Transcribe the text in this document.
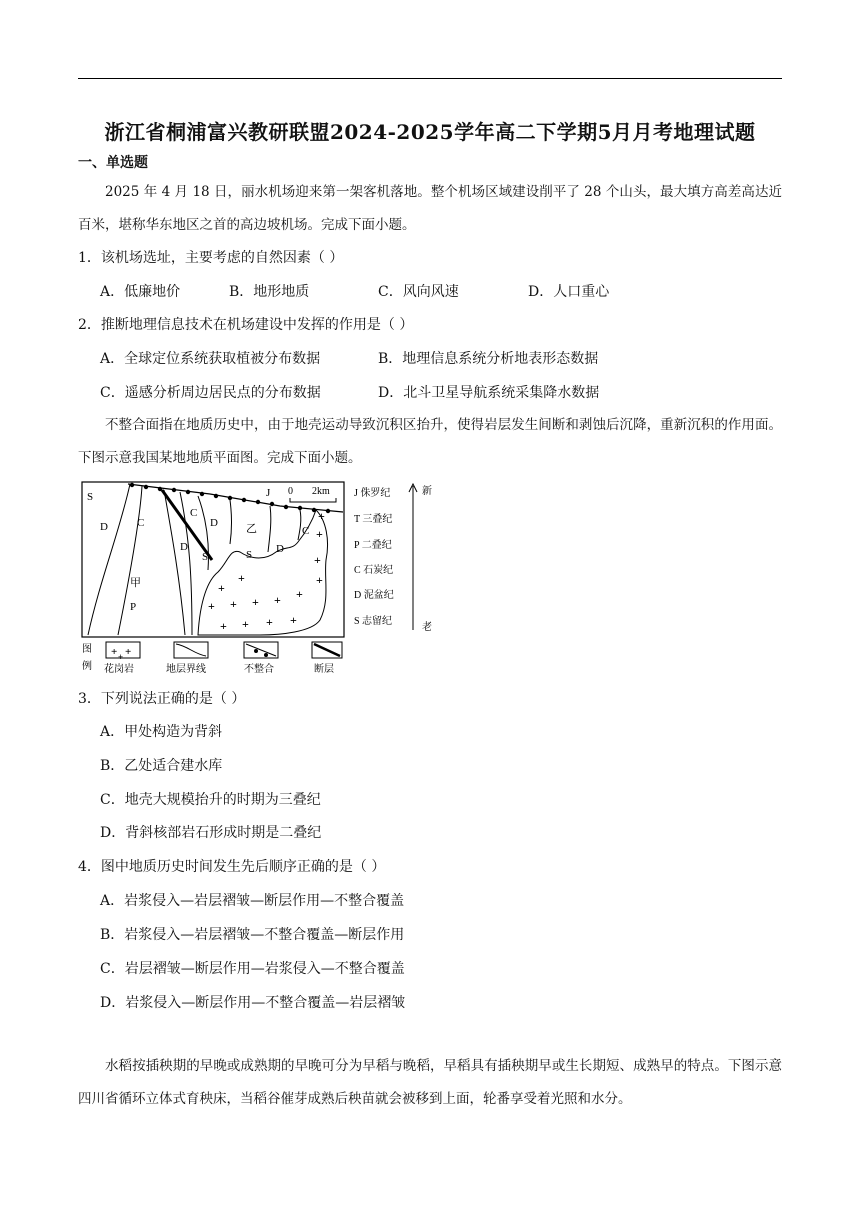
浙江省桐浦富兴教研联盟2024-2025学年高二下学期5月月考地理试题
一、单选题
2025 年 4 月 18 日，丽水机场迎来第一架客机落地。整个机场区域建设削平了 28 个山头，最大填方高差高达近百米，堪称华东地区之首的高边坡机场。完成下面小题。
1．该机场选址，主要考虑的自然因素（ ）
A．低廉地价	B．地形地质	C．风向风速	D．人口重心
2．推断地理信息技术在机场建设中发挥的作用是（ ）
A．全球定位系统获取植被分布数据	B．地理信息系统分析地表形态数据
C．遥感分析周边居民点的分布数据	D．北斗卫星导航系统采集降水数据
不整合面指在地质历史中，由于地壳运动导致沉积区抬升，使得岩层发生间断和剥蚀后沉降，重新沉积的作用面。下图示意我国某地地质平面图。完成下面小题。
+
+
+ + + + +
+
+
+
+
+ + + +
S
D	C
甲
P
D
C
D
S
乙
S D
C
J 0 2km
图
例
+ +
+
花岗岩	地层界线	不整合	断层
J 侏罗纪
T 三叠纪
P 二叠纪
C 石炭纪
D 泥盆纪
S 志留纪
新
老
3．下列说法正确的是（ ）
A．甲处构造为背斜
B．乙处适合建水库
C．地壳大规模抬升的时期为三叠纪
D．背斜核部岩石形成时期是二叠纪
4．图中地质历史时间发生先后顺序正确的是（ ）
A．岩浆侵入—岩层褶皱—断层作用—不整合覆盖
B．岩浆侵入—岩层褶皱—不整合覆盖—断层作用
C．岩层褶皱—断层作用—岩浆侵入—不整合覆盖
D．岩浆侵入—断层作用—不整合覆盖—岩层褶皱
水稻按插秧期的早晚或成熟期的早晚可分为早稻与晚稻，早稻具有插秧期早或生长期短、成熟早的特点。下图示意四川省循环立体式育秧床，当稻谷催芽成熟后秧苗就会被移到上面，轮番享受着光照和水分。
